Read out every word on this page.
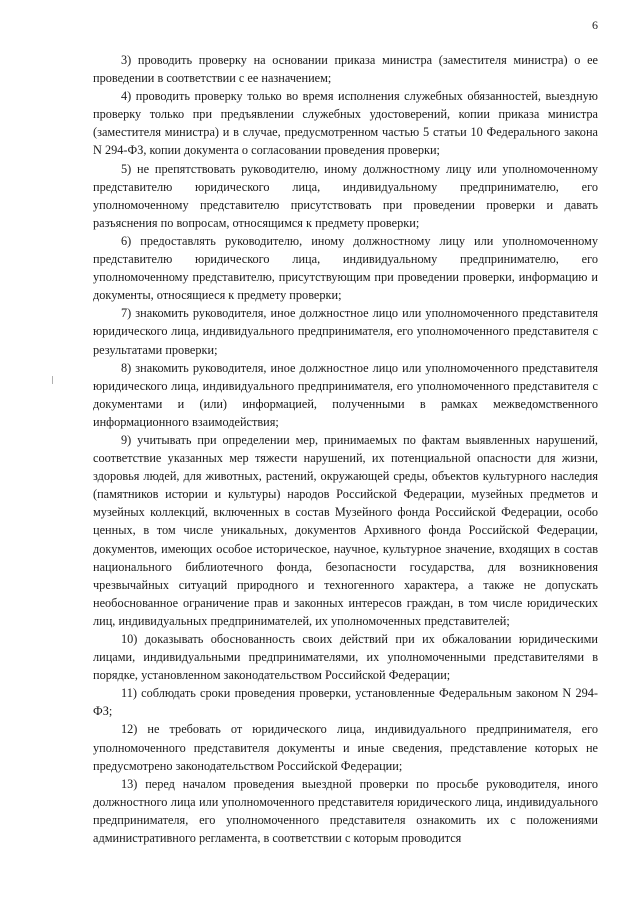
6

3) проводить проверку на основании приказа министра (заместителя министра) о ее проведении в соответствии с ее назначением;

4) проводить проверку только во время исполнения служебных обязанностей, выездную проверку только при предъявлении служебных удостоверений, копии приказа министра (заместителя министра) и в случае, предусмотренном частью 5 статьи 10 Федерального закона N 294-ФЗ, копии документа о согласовании проведения проверки;

5) не препятствовать руководителю, иному должностному лицу или уполномоченному представителю юридического лица, индивидуальному предпринимателю, его уполномоченному представителю присутствовать при проведении проверки и давать разъяснения по вопросам, относящимся к предмету проверки;

6) предоставлять руководителю, иному должностному лицу или уполномоченному представителю юридического лица, индивидуальному предпринимателю, его уполномоченному представителю, присутствующим при проведении проверки, информацию и документы, относящиеся к предмету проверки;

7) знакомить руководителя, иное должностное лицо или уполномоченного представителя юридического лица, индивидуального предпринимателя, его уполномоченного представителя с результатами проверки;

8) знакомить руководителя, иное должностное лицо или уполномоченного представителя юридического лица, индивидуального предпринимателя, его уполномоченного представителя с документами и (или) информацией, полученными в рамках межведомственного информационного взаимодействия;

9) учитывать при определении мер, принимаемых по фактам выявленных нарушений, соответствие указанных мер тяжести нарушений, их потенциальной опасности для жизни, здоровья людей, для животных, растений, окружающей среды, объектов культурного наследия (памятников истории и культуры) народов Российской Федерации, музейных предметов и музейных коллекций, включенных в состав Музейного фонда Российской Федерации, особо ценных, в том числе уникальных, документов Архивного фонда Российской Федерации, документов, имеющих особое историческое, научное, культурное значение, входящих в состав национального библиотечного фонда, безопасности государства, для возникновения чрезвычайных ситуаций природного и техногенного характера, а также не допускать необоснованное ограничение прав и законных интересов граждан, в том числе юридических лиц, индивидуальных предпринимателей, их уполномоченных представителей;

10) доказывать обоснованность своих действий при их обжаловании юридическими лицами, индивидуальными предпринимателями, их уполномоченными представителями в порядке, установленном законодательством Российской Федерации;

11) соблюдать сроки проведения проверки, установленные Федеральным законом N 294-ФЗ;

12) не требовать от юридического лица, индивидуального предпринимателя, его уполномоченного представителя документы и иные сведения, представление которых не предусмотрено законодательством Российской Федерации;

13) перед началом проведения выездной проверки по просьбе руководителя, иного должностного лица или уполномоченного представителя юридического лица, индивидуального предпринимателя, его уполномоченного представителя ознакомить их с положениями административного регламента, в соответствии с которым проводится
